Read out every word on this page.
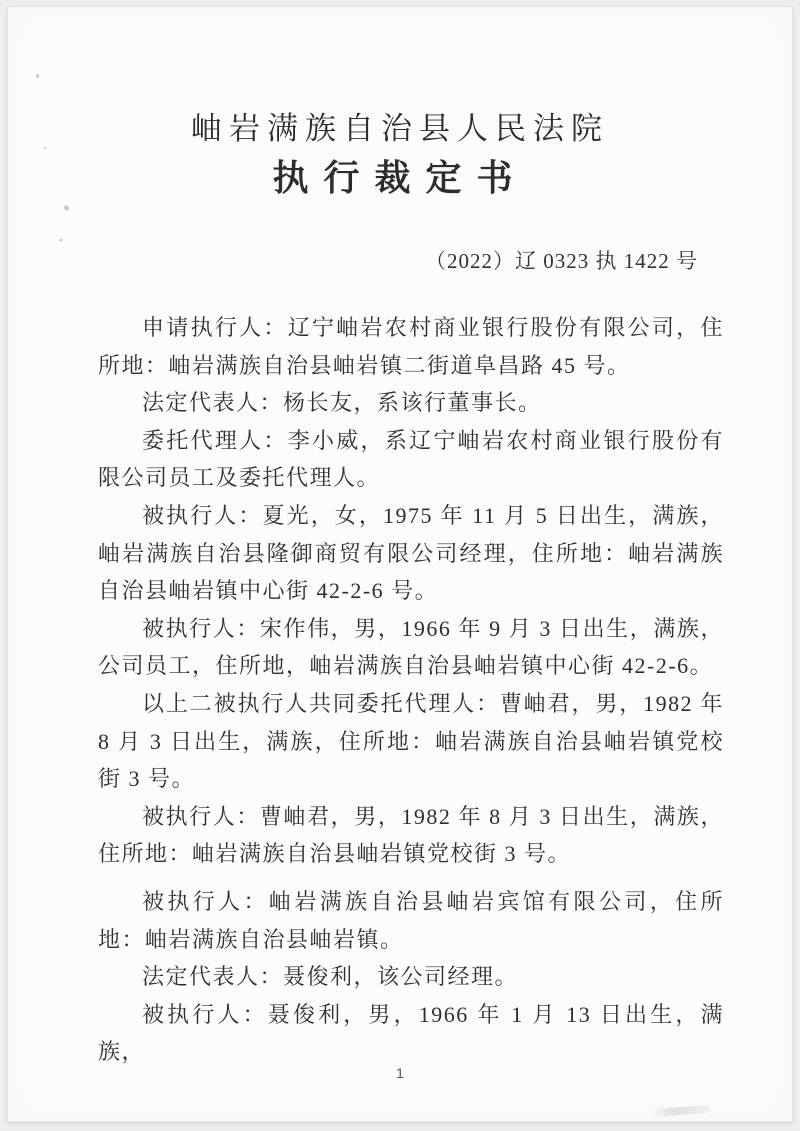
岫岩满族自治县人民法院
执行裁定书
（2022）辽 0323 执 1422 号

申请执行人：辽宁岫岩农村商业银行股份有限公司，住所地：岫岩满族自治县岫岩镇二街道阜昌路 45 号。

法定代表人：杨长友，系该行董事长。

委托代理人：李小威，系辽宁岫岩农村商业银行股份有限公司员工及委托代理人。

被执行人：夏光，女，1975 年 11 月 5 日出生，满族，岫岩满族自治县隆御商贸有限公司经理，住所地：岫岩满族自治县岫岩镇中心街 42-2-6 号。

被执行人：宋作伟，男，1966 年 9 月 3 日出生，满族，公司员工，住所地，岫岩满族自治县岫岩镇中心街 42-2-6。

以上二被执行人共同委托代理人：曹岫君，男，1982 年 8 月 3 日出生，满族，住所地：岫岩满族自治县岫岩镇党校街 3 号。

被执行人：曹岫君，男，1982 年 8 月 3 日出生，满族，住所地：岫岩满族自治县岫岩镇党校街 3 号。

被执行人：岫岩满族自治县岫岩宾馆有限公司，住所地：岫岩满族自治县岫岩镇。

法定代表人：聂俊利，该公司经理。

被执行人：聂俊利，男，1966 年 1 月 13 日出生，满族，

1
